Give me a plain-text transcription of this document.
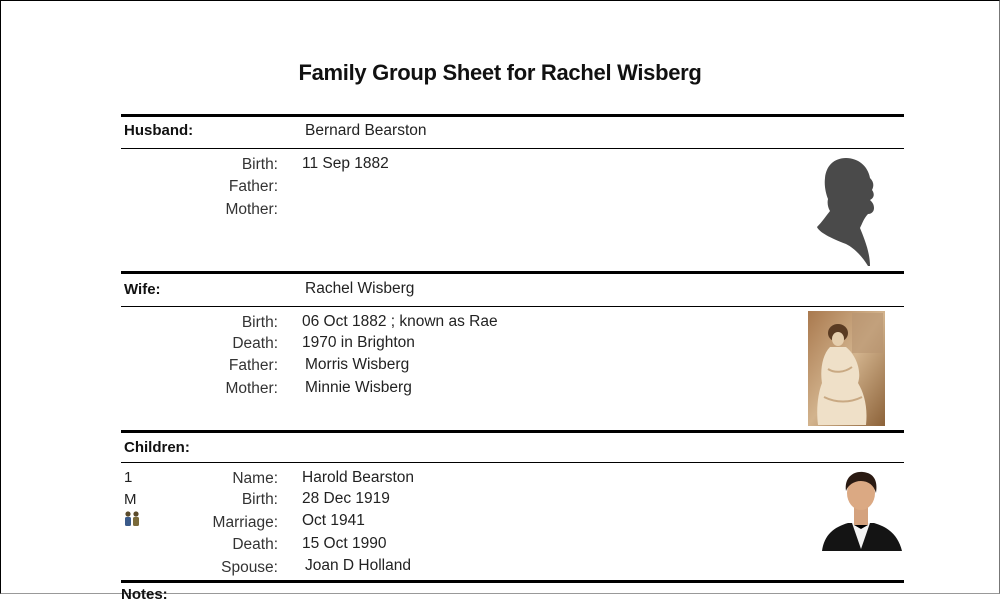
Family Group Sheet for Rachel Wisberg
Husband:	Bernard Bearston
Birth: 11 Sep 1882
Father:
Mother:
Wife:	Rachel Wisberg
Birth: 06 Oct 1882 ; known as Rae
Death: 1970 in Brighton
Father: Morris Wisberg
Mother: Minnie Wisberg
Children:
1
M
Name: Harold Bearston
Birth: 28 Dec 1919
Marriage: Oct 1941
Death: 15 Oct 1990
Spouse: Joan D Holland
Notes:
